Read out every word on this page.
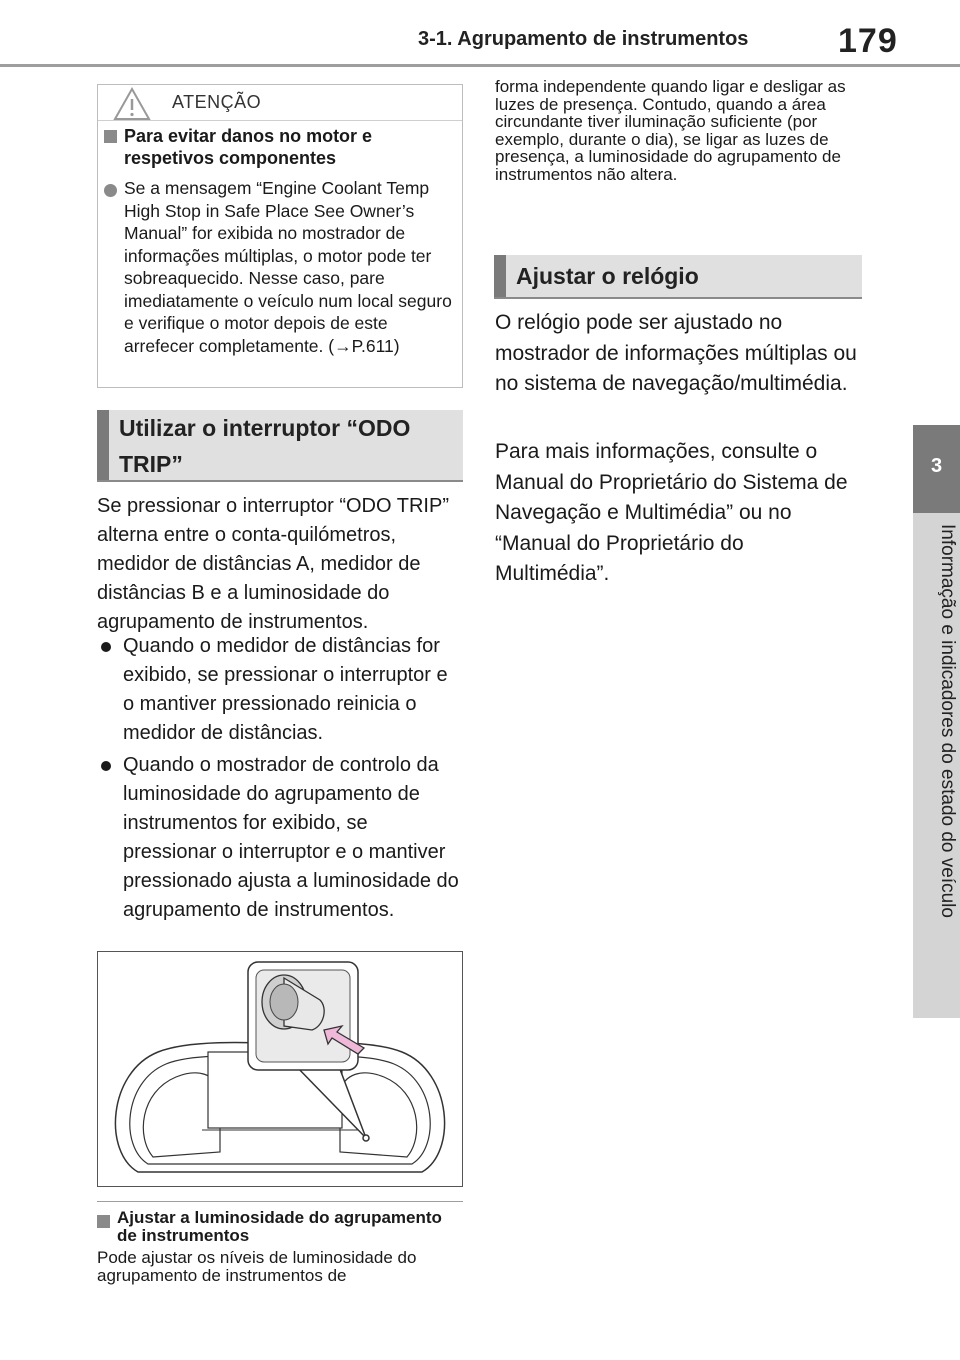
3-1. Agrupamento de instrumentos	179
3
Informação e indicadores do estado do veículo
ATENÇÃO
Para evitar danos no motor e respetivos componentes
Se a mensagem “Engine Coolant Temp High Stop in Safe Place See Owner’s Manual” for exibida no mostrador de informações múltiplas, o motor pode ter sobreaquecido. Nesse caso, pare imediatamente o veículo num local seguro e verifique o motor depois de este arrefecer completamente. (→P.611)
Utilizar o interruptor “ODO TRIP”
Se pressionar o interruptor “ODO TRIP” alterna entre o conta-quilómetros, medidor de distâncias A, medidor de distâncias B e a luminosidade do agrupamento de instrumentos.
Quando o medidor de distâncias for exibido, se pressionar o interruptor e o mantiver pressionado reinicia o medidor de distâncias.
Quando o mostrador de controlo da luminosidade do agrupamento de instrumentos for exibido, se pressionar o interruptor e o mantiver pressionado ajusta a luminosidade do agrupamento de instrumentos.
Ajustar a luminosidade do agrupamento de instrumentos
Pode ajustar os níveis de luminosidade do agrupamento de instrumentos de
forma independente quando ligar e desligar as luzes de presença. Contudo, quando a área circundante tiver iluminação suficiente (por exemplo, durante o dia), se ligar as luzes de presença, a luminosidade do agrupamento de instrumentos não altera.
Ajustar o relógio
O relógio pode ser ajustado no mostrador de informações múltiplas ou no sistema de navegação/multimédia.
Para mais informações, consulte o Manual do Proprietário do Sistema de Navegação e Multimédia” ou no “Manual do Proprietário do Multimédia”.
